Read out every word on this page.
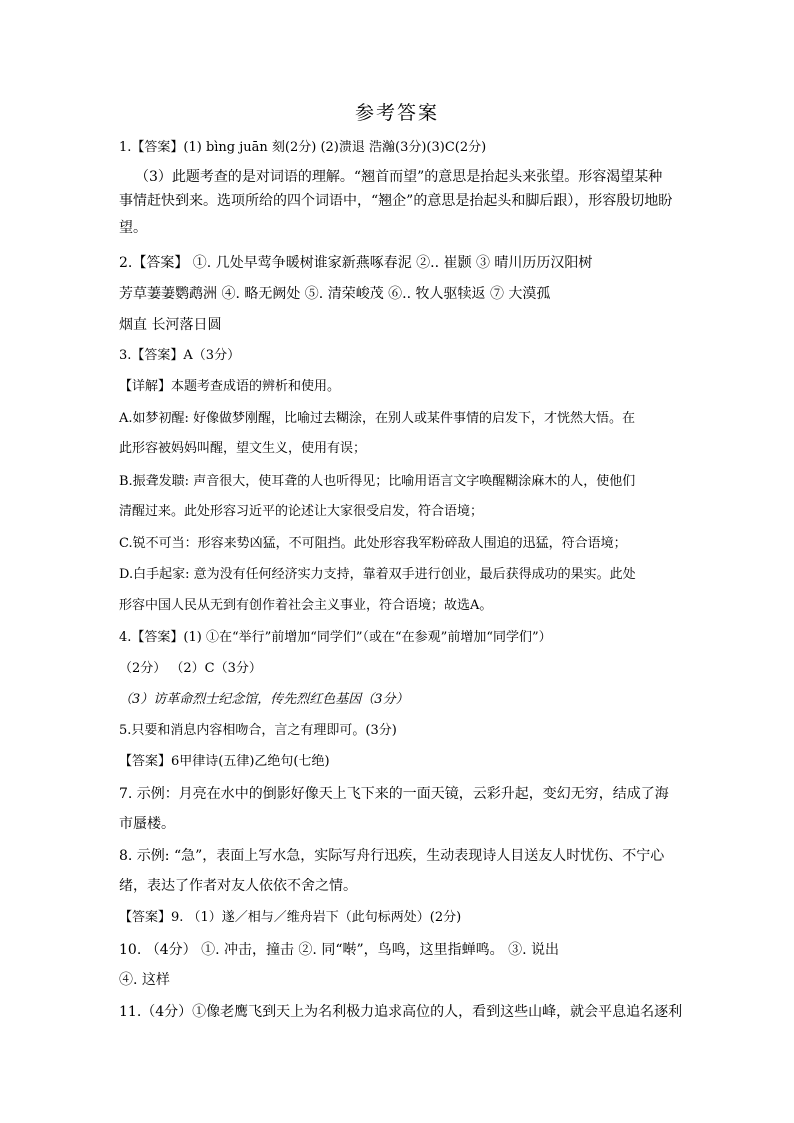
参考答案
1.【答案】(1) bìng juān 刻(2分) (2)溃退 浩瀚(3分)(3)C(2分)
（3）此题考查的是对词语的理解。“翘首而望”的意思是抬起头来张望。形容渴望某种
事情赶快到来。选项所给的四个词语中，“翘企”的意思是抬起头和脚后跟），形容殷切地盼
望。
2.【答案】 ①. 几处早莺争暖树谁家新燕啄春泥 ②.. 崔颢 ③ 晴川历历汉阳树
芳草萋萋鹦鹉洲 ④. 略无阙处 ⑤. 清荣峻茂 ⑥.. 牧人驱犊返 ⑦ 大漠孤
烟直 长河落日圆
3.【答案】A（3分）
【详解】本题考查成语的辨析和使用。
A.如梦初醒: 好像做梦刚醒，比喻过去糊涂，在别人或某件事情的启发下，才恍然大悟。在
此形容被妈妈叫醒，望文生义，使用有误；
B.振聋发聩: 声音很大，使耳聋的人也听得见；比喻用语言文字唤醒糊涂麻木的人，使他们
清醒过来。此处形容习近平的论述让大家很受启发，符合语境；
C.锐不可当：形容来势凶猛，不可阻挡。此处形容我军粉碎敌人围追的迅猛，符合语境；
D.白手起家: 意为没有任何经济实力支持，靠着双手进行创业，最后获得成功的果实。此处
形容中国人民从无到有创作着社会主义事业，符合语境；故选A。
4.【答案】(1) ①在“举行”前增加“同学们”（或在“在参观”前增加“同学们”）
（2分） （2）C（3分）
（3）访革命烈士纪念馆，传先烈红色基因（3分）
5.只要和消息内容相吻合，言之有理即可。(3分)
【答案】6甲律诗(五律)乙绝句(七绝)
7. 示例：月亮在水中的倒影好像天上飞下来的一面天镜，云彩升起，变幻无穷，结成了海
市蜃楼。
8. 示例: “急”，表面上写水急，实际写舟行迅疾，生动表现诗人目送友人时忧伤、不宁心
绪，表达了作者对友人依依不舍之情。
【答案】9. （1）遂／相与／维舟岩下（此句标两处）(2分)
10. （4分） ①. 冲击，撞击 ②. 同“啭”，鸟鸣，这里指蝉鸣。 ③. 说出
④. 这样
11.（4分）①像老鹰飞到天上为名利极力追求高位的人，看到这些山峰，就会平息追名逐利
